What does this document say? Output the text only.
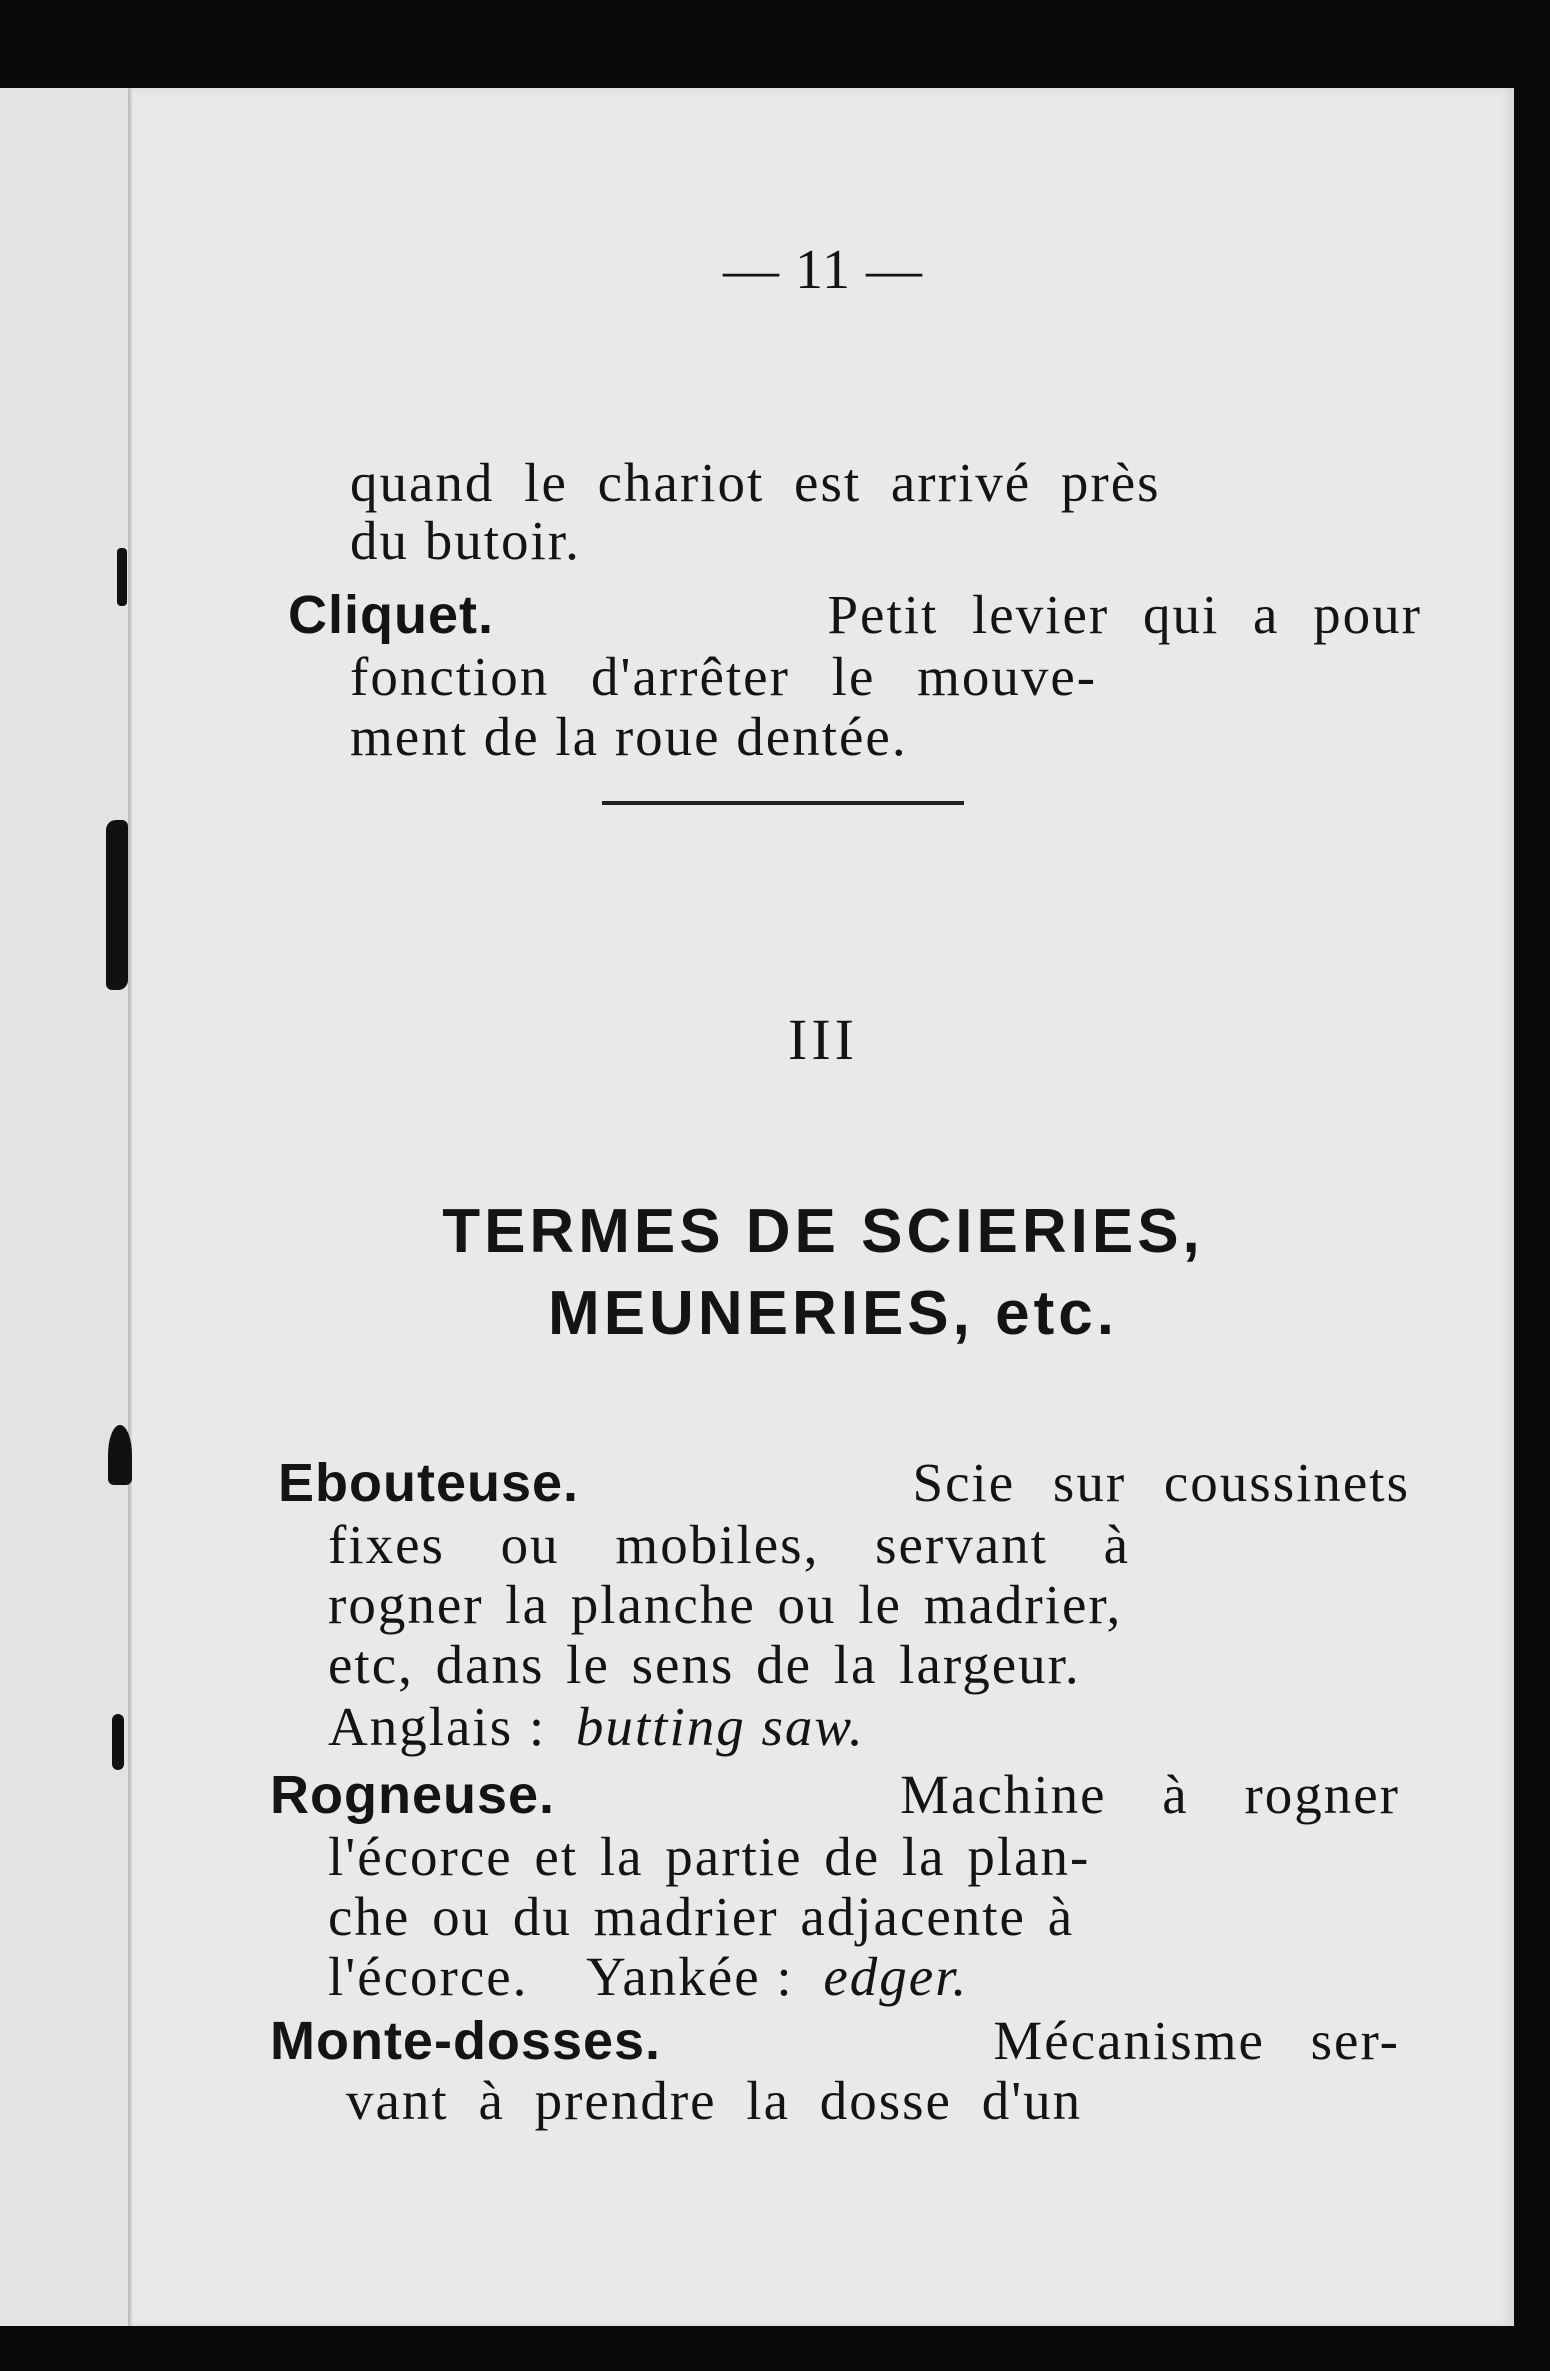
— 11 —
quand le chariot est arrivé près
du butoir.
Cliquet.	Petit levier qui a pour
fonction d'arrêter le mouve-
ment de la roue dentée.
III
TERMES DE SCIERIES,
MEUNERIES, etc.
Ebouteuse.	Scie sur coussinets
fixes ou mobiles, servant à
rogner la planche ou le madrier,
etc, dans le sens de la largeur.
Anglais : butting saw.
Rogneuse.	Machine à rogner
l'écorce et la partie de la plan-
che ou du madrier adjacente à
l'écorce. Yankée : edger.
Monte-dosses.	Mécanisme ser-
vant à prendre la dosse d'un
